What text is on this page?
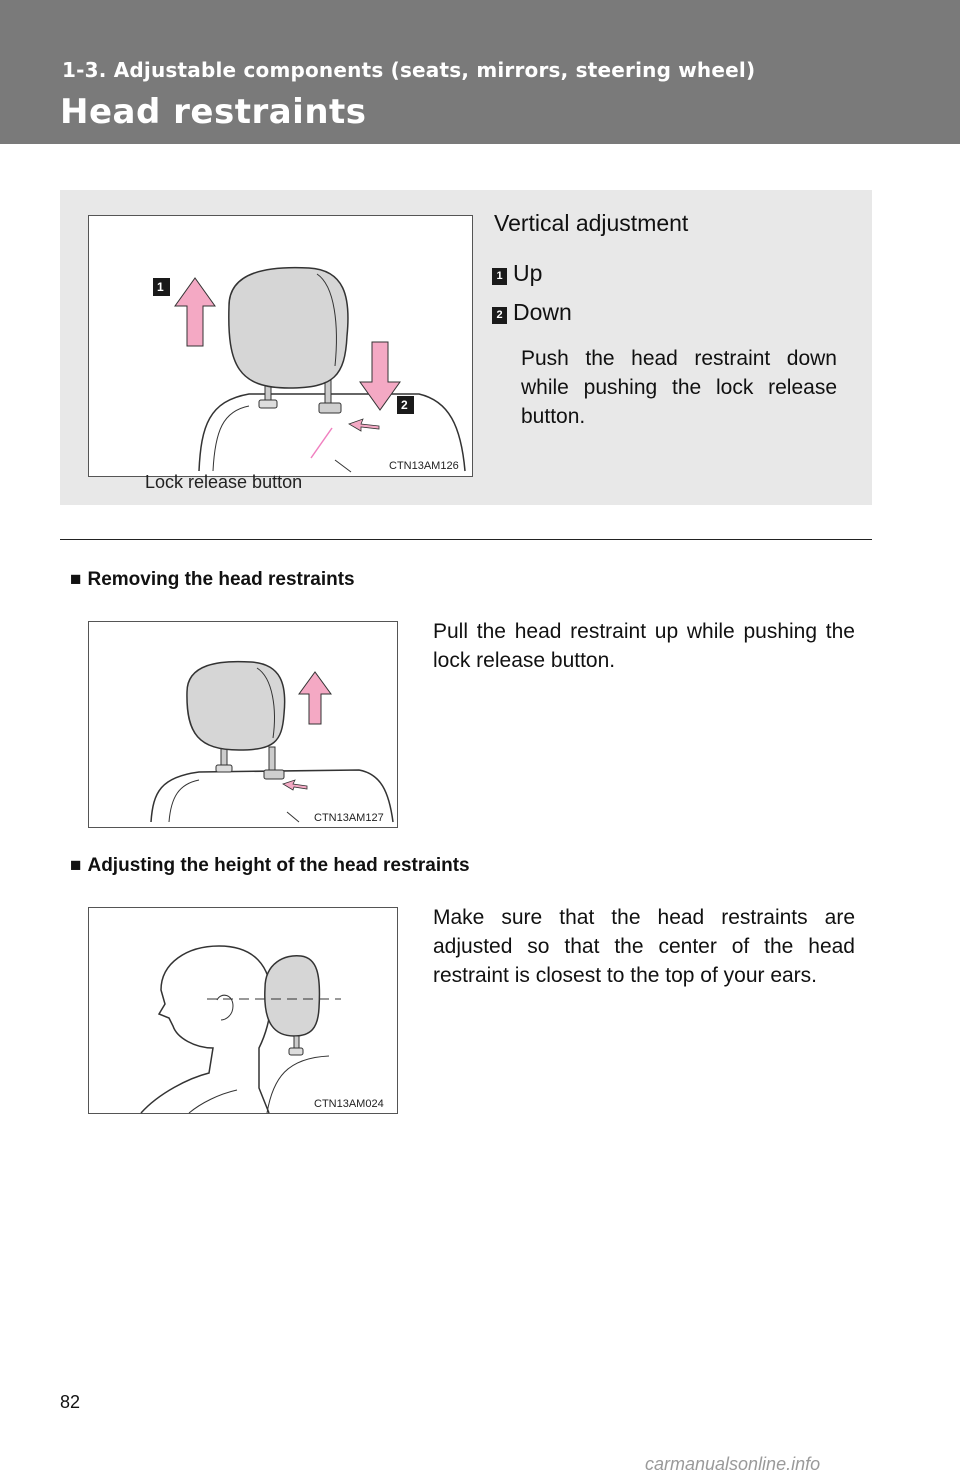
1-3. Adjustable components (seats, mirrors, steering wheel)
Head restraints
1
2
Lock release button
CTN13AM126
Vertical adjustment
1 Up
2 Down
Push the head restraint down while pushing the lock release button.
■ Removing the head restraints
CTN13AM127
Pull the head restraint up while pushing the lock release button.
■ Adjusting the height of the head restraints
CTN13AM024
Make sure that the head restraints are adjusted so that the center of the head restraint is closest to the top of your ears.
82
carmanualsonline.info
